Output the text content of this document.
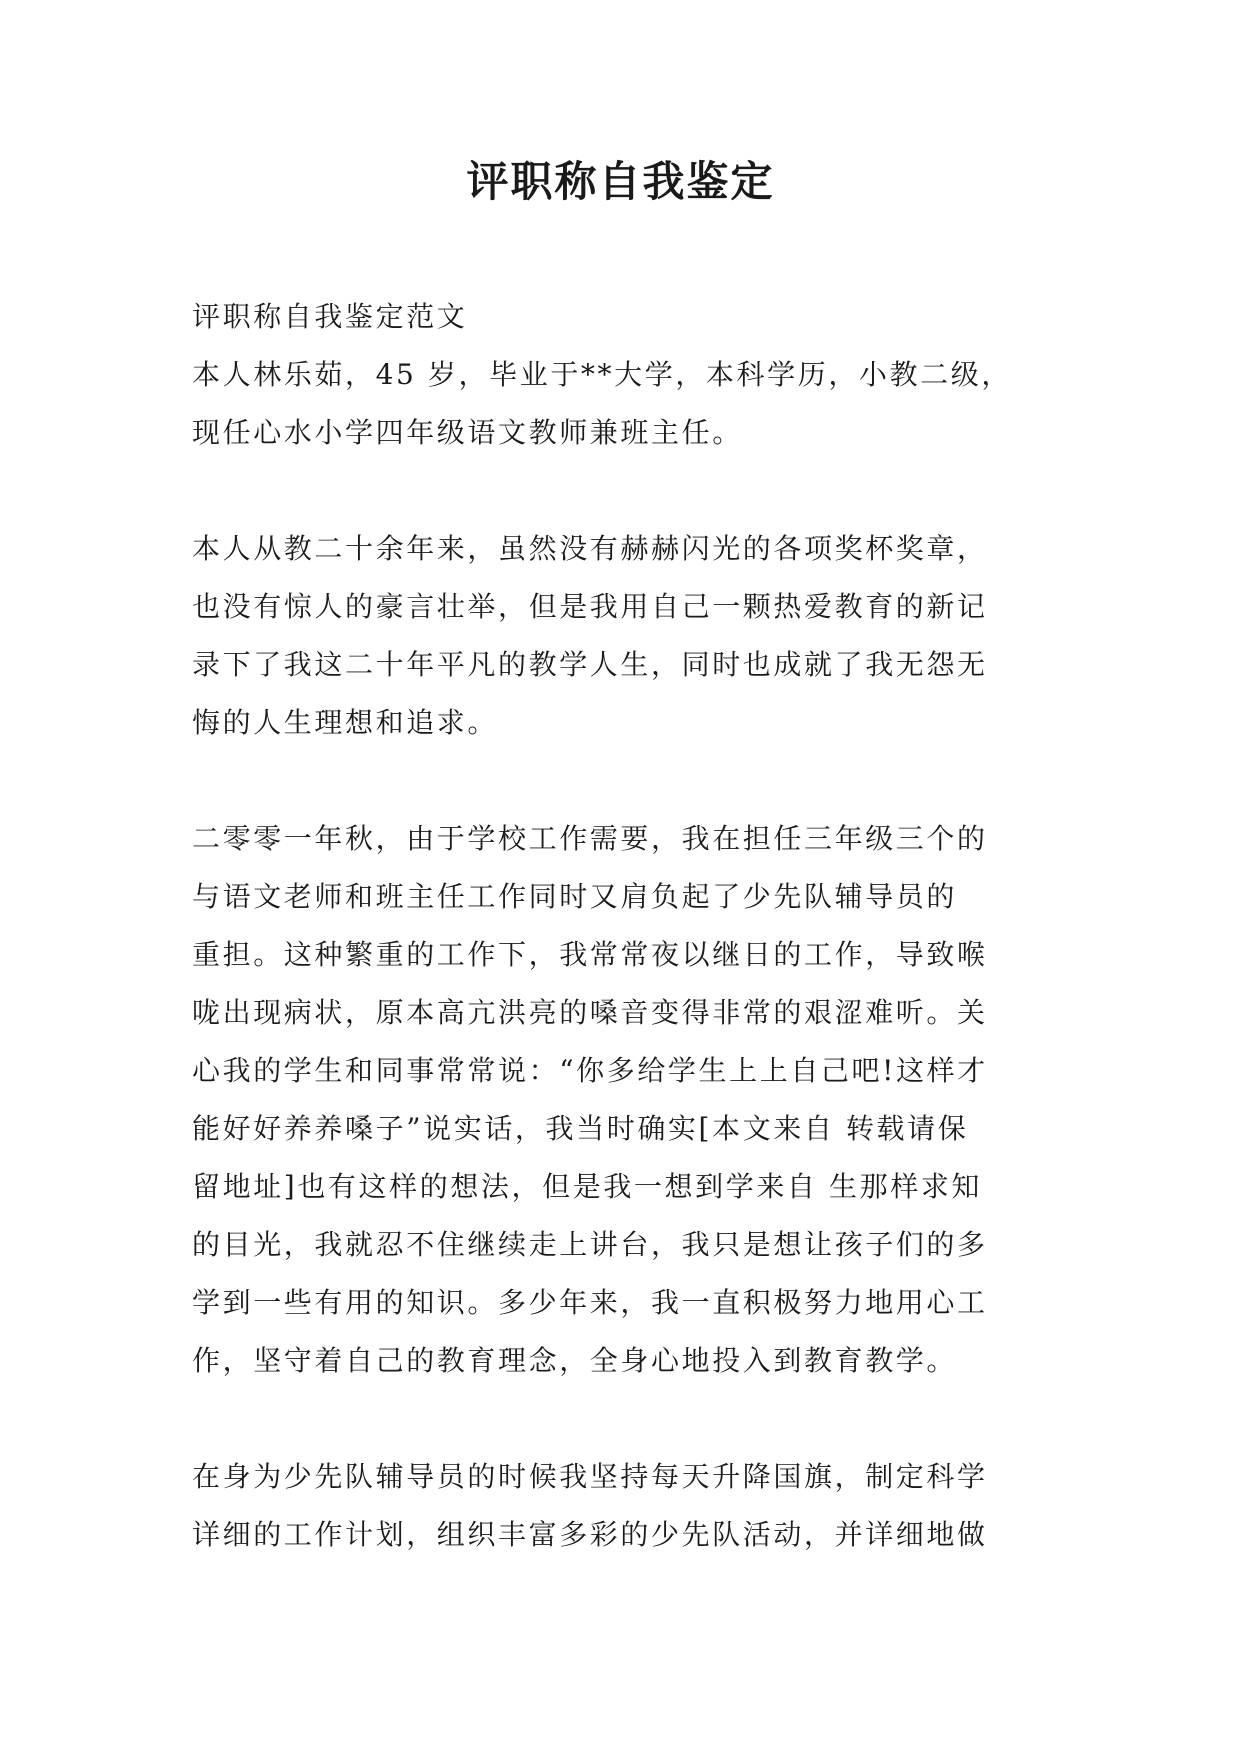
评职称自我鉴定

评职称自我鉴定范文

本人林乐茹，45 岁，毕业于**大学，本科学历，小教二级，
现任心水小学四年级语文教师兼班主任。

本人从教二十余年来，虽然没有赫赫闪光的各项奖杯奖章，
也没有惊人的豪言壮举，但是我用自己一颗热爱教育的新记
录下了我这二十年平凡的教学人生，同时也成就了我无怨无
悔的人生理想和追求。

二零零一年秋，由于学校工作需要，我在担任三年级三个的
与语文老师和班主任工作同时又肩负起了少先队辅导员的
重担。这种繁重的工作下，我常常夜以继日的工作，导致喉
咙出现病状，原本高亢洪亮的嗓音变得非常的艰涩难听。关
心我的学生和同事常常说：“你多给学生上上自己吧!这样才
能好好养养嗓子”说实话，我当时确实[本文来自 转载请保
留地址]也有这样的想法，但是我一想到学来自 生那样求知
的目光，我就忍不住继续走上讲台，我只是想让孩子们的多
学到一些有用的知识。多少年来，我一直积极努力地用心工
作，坚守着自己的教育理念，全身心地投入到教育教学。

在身为少先队辅导员的时候我坚持每天升降国旗，制定科学
详细的工作计划，组织丰富多彩的少先队活动，并详细地做
